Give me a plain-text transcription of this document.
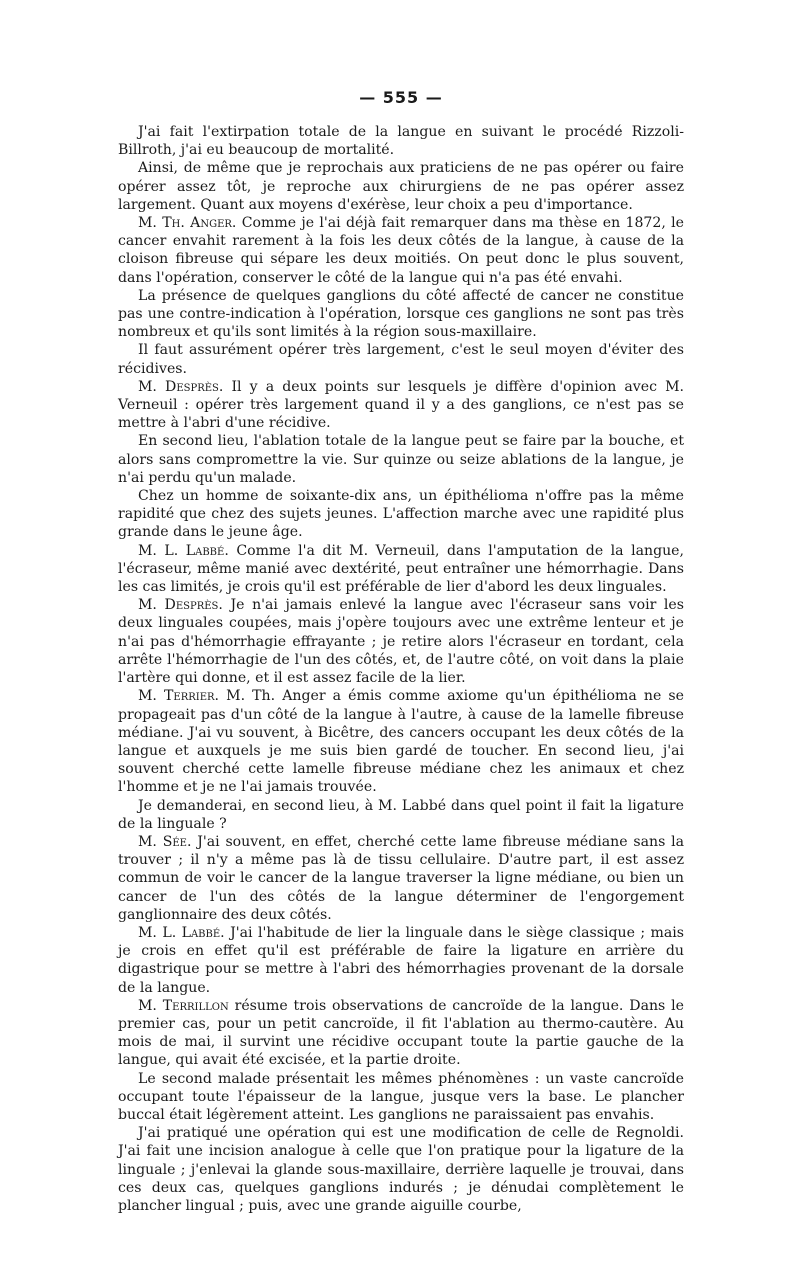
— 555 —

J'ai fait l'extirpation totale de la langue en suivant le procédé Rizzoli-Billroth, j'ai eu beaucoup de mortalité.

Ainsi, de même que je reprochais aux praticiens de ne pas opérer ou faire opérer assez tôt, je reproche aux chirurgiens de ne pas opérer assez largement. Quant aux moyens d'exérèse, leur choix a peu d'importance.

M. Th. Anger. Comme je l'ai déjà fait remarquer dans ma thèse en 1872, le cancer envahit rarement à la fois les deux côtés de la langue, à cause de la cloison fibreuse qui sépare les deux moitiés. On peut donc le plus souvent, dans l'opération, conserver le côté de la langue qui n'a pas été envahi.

La présence de quelques ganglions du côté affecté de cancer ne constitue pas une contre-indication à l'opération, lorsque ces ganglions ne sont pas très nombreux et qu'ils sont limités à la région sous-maxillaire.

Il faut assurément opérer très largement, c'est le seul moyen d'éviter des récidives.

M. Desprès. Il y a deux points sur lesquels je diffère d'opinion avec M. Verneuil : opérer très largement quand il y a des ganglions, ce n'est pas se mettre à l'abri d'une récidive.

En second lieu, l'ablation totale de la langue peut se faire par la bouche, et alors sans compromettre la vie. Sur quinze ou seize ablations de la langue, je n'ai perdu qu'un malade.

Chez un homme de soixante-dix ans, un épithélioma n'offre pas la même rapidité que chez des sujets jeunes. L'affection marche avec une rapidité plus grande dans le jeune âge.

M. L. Labbé. Comme l'a dit M. Verneuil, dans l'amputation de la langue, l'écraseur, même manié avec dextérité, peut entraîner une hémorrhagie. Dans les cas limités, je crois qu'il est préférable de lier d'abord les deux linguales.

M. Desprès. Je n'ai jamais enlevé la langue avec l'écraseur sans voir les deux linguales coupées, mais j'opère toujours avec une extrême lenteur et je n'ai pas d'hémorrhagie effrayante ; je retire alors l'écraseur en tordant, cela arrête l'hémorrhagie de l'un des côtés, et, de l'autre côté, on voit dans la plaie l'artère qui donne, et il est assez facile de la lier.

M. Terrier. M. Th. Anger a émis comme axiome qu'un épithélioma ne se propageait pas d'un côté de la langue à l'autre, à cause de la lamelle fibreuse médiane. J'ai vu souvent, à Bicêtre, des cancers occupant les deux côtés de la langue et auxquels je me suis bien gardé de toucher. En second lieu, j'ai souvent cherché cette lamelle fibreuse médiane chez les animaux et chez l'homme et je ne l'ai jamais trouvée.

Je demanderai, en second lieu, à M. Labbé dans quel point il fait la ligature de la linguale ?

M. Sée. J'ai souvent, en effet, cherché cette lame fibreuse médiane sans la trouver ; il n'y a même pas là de tissu cellulaire. D'autre part, il est assez commun de voir le cancer de la langue traverser la ligne médiane, ou bien un cancer de l'un des côtés de la langue déterminer de l'engorgement ganglionnaire des deux côtés.

M. L. Labbé. J'ai l'habitude de lier la linguale dans le siège classique ; mais je crois en effet qu'il est préférable de faire la ligature en arrière du digastrique pour se mettre à l'abri des hémorrhagies provenant de la dorsale de la langue.

M. Terrillon résume trois observations de cancroïde de la langue. Dans le premier cas, pour un petit cancroïde, il fit l'ablation au thermo-cautère. Au mois de mai, il survint une récidive occupant toute la partie gauche de la langue, qui avait été excisée, et la partie droite.

Le second malade présentait les mêmes phénomènes : un vaste cancroïde occupant toute l'épaisseur de la langue, jusque vers la base. Le plancher buccal était légèrement atteint. Les ganglions ne paraissaient pas envahis.

J'ai pratiqué une opération qui est une modification de celle de Regnoldi. J'ai fait une incision analogue à celle que l'on pratique pour la ligature de la linguale ; j'enlevai la glande sous-maxillaire, derrière laquelle je trouvai, dans ces deux cas, quelques ganglions indurés ; je dénudai complètement le plancher lingual ; puis, avec une grande aiguille courbe,
